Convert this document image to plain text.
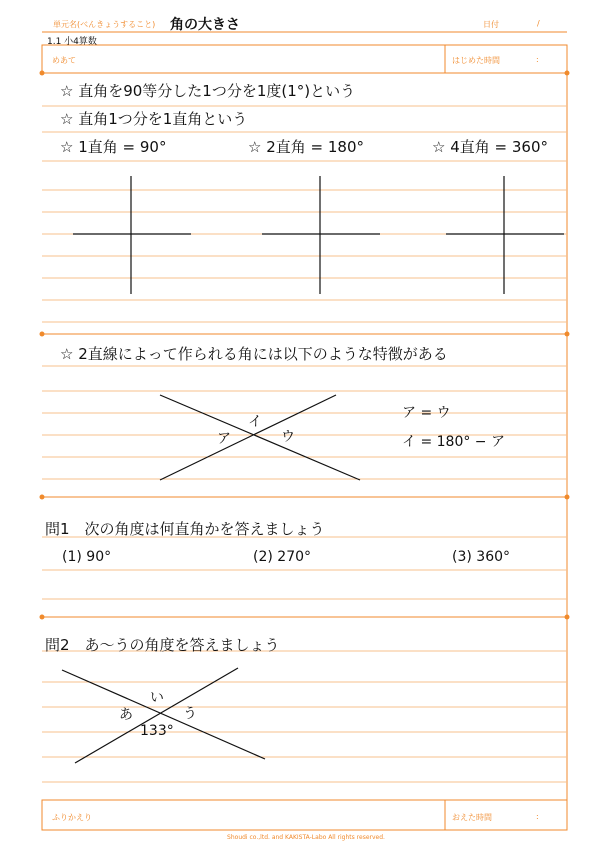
単元名(べんきょうすること) 角の大きさ	日付	/
1.1 小4算数
めあて	はじめた時間	:
☆ 直角を90等分した1つ分を1度(1°)という
☆ 直角1つ分を1直角という
☆ 1直角 = 90°	☆ 2直角 = 180°	☆ 4直角 = 360°
☆ 2直線によって作られる角には以下のような特徴がある
ア
イ
ウ
ア = ウ
イ = 180° − ア
問1　次の角度は何直角かを答えましょう
(1) 90°	(2) 270°	(3) 360°
問2　あ〜うの角度を答えましょう
あ
い
う
133°
ふりかえり	おえた時間	:
Shoudi co.,ltd. and KAKISTA-Labo All rights reserved.
